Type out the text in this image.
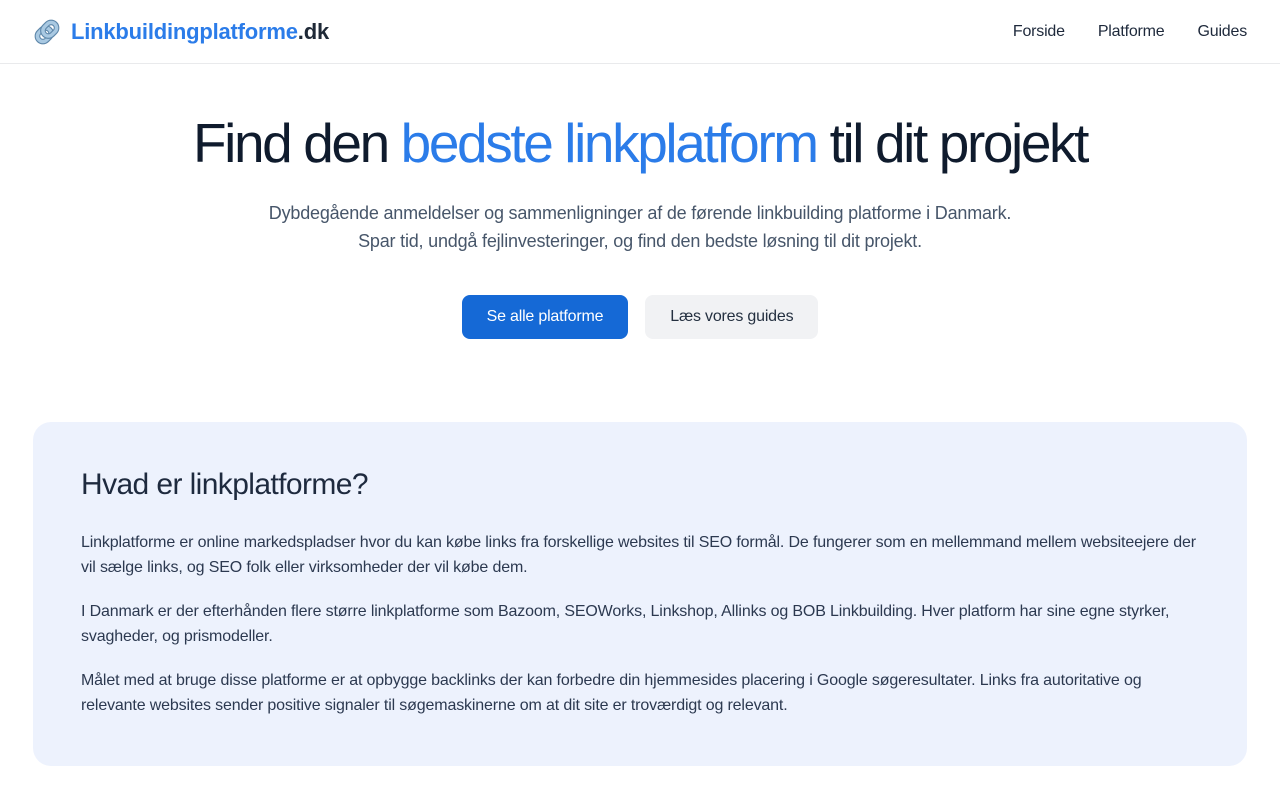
Linkbuildingplatforme.dk	Forside Platforme Guides
Find den bedste linkplatform til dit projekt

Dybdegående anmeldelser og sammenligninger af de førende linkbuilding platforme i Danmark. Spar tid, undgå fejlinvesteringer, og find den bedste løsning til dit projekt.

Se alle platforme	Læs vores guides
Hvad er linkplatforme?

Linkplatforme er online markedspladser hvor du kan købe links fra forskellige websites til SEO formål. De fungerer som en mellemmand mellem websiteejere der vil sælge links, og SEO folk eller virksomheder der vil købe dem.

I Danmark er der efterhånden flere større linkplatforme som Bazoom, SEOWorks, Linkshop, Allinks og BOB Linkbuilding. Hver platform har sine egne styrker, svagheder, og prismodeller.

Målet med at bruge disse platforme er at opbygge backlinks der kan forbedre din hjemmesides placering i Google søgeresultater. Links fra autoritative og relevante websites sender positive signaler til søgemaskinerne om at dit site er troværdigt og relevant.
